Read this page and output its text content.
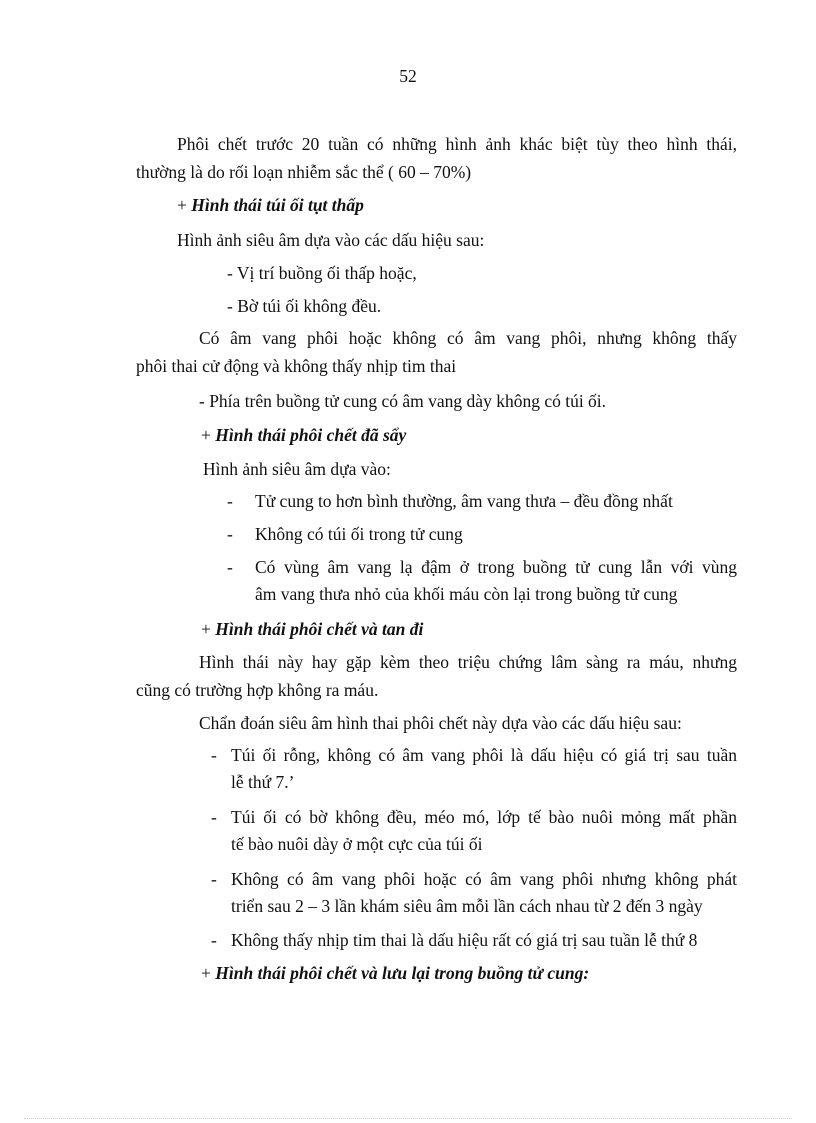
52
Phôi chết trước 20 tuần có những hình ảnh khác biệt tùy theo hình thái,
thường là do rối loạn nhiễm sắc thể ( 60 – 70%)
+ Hình thái túi ối tụt thấp
Hình ảnh siêu âm dựa vào các dấu hiệu sau:
- Vị trí buồng ối thấp hoặc,
- Bờ túi ối không đều.
Có âm vang phôi hoặc không có âm vang phôi, nhưng không thấy
phôi thai cử động và không thấy nhịp tim thai
- Phía trên buồng tử cung có âm vang dày không có túi ối.
+ Hình thái phôi chết đã sẩy
Hình ảnh siêu âm dựa vào:
- Tử cung to hơn bình thường, âm vang thưa – đều đồng nhất
- Không có túi ối trong tử cung
- Có vùng âm vang lạ đậm ở trong buồng tử cung lẫn với vùng
âm vang thưa nhỏ của khối máu còn lại trong buồng tử cung
+ Hình thái phôi chết và tan đi
Hình thái này hay gặp kèm theo triệu chứng lâm sàng ra máu, nhưng
cũng có trường hợp không ra máu.
Chẩn đoán siêu âm hình thai phôi chết này dựa vào các dấu hiệu sau:
- Túi ối rỗng, không có âm vang phôi là dấu hiệu có giá trị sau tuần
lễ thứ 7.’
- Túi ối có bờ không đều, méo mó, lớp tế bào nuôi mỏng mất phần
tế bào nuôi dày ở một cực của túi ối
- Không có âm vang phôi hoặc có âm vang phôi nhưng không phát
triển sau 2 – 3 lần khám siêu âm mỗi lần cách nhau từ 2 đến 3 ngày
- Không thấy nhịp tim thai là dấu hiệu rất có giá trị sau tuần lễ thứ 8
+ Hình thái phôi chết và lưu lại trong buồng tử cung:
